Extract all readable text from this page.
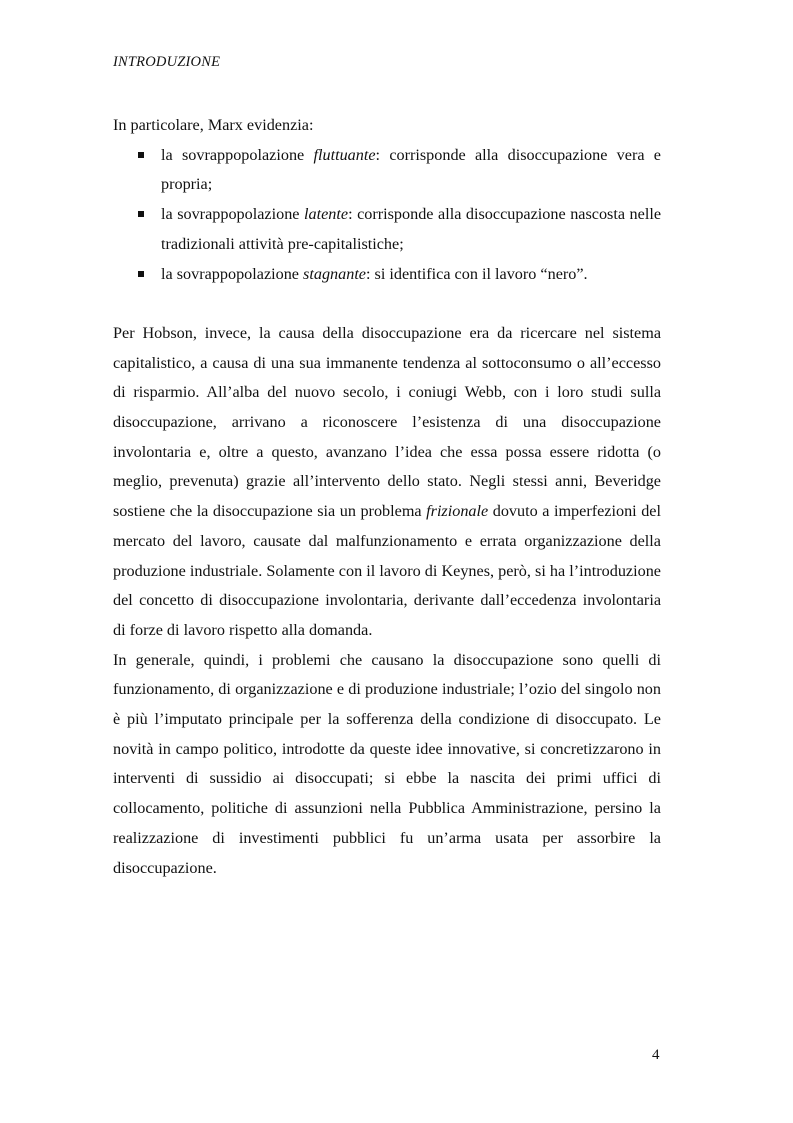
INTRODUZIONE

In particolare, Marx evidenzia:

la sovrappopolazione fluttuante: corrisponde alla disoccupazione vera e propria;
la sovrappopolazione latente: corrisponde alla disoccupazione nascosta nelle tradizionali attività pre-capitalistiche;
la sovrappopolazione stagnante: si identifica con il lavoro “nero”.

Per Hobson, invece, la causa della disoccupazione era da ricercare nel sistema capitalistico, a causa di una sua immanente tendenza al sottoconsumo o all’eccesso di risparmio. All’alba del nuovo secolo, i coniugi Webb, con i loro studi sulla disoccupazione, arrivano a riconoscere l’esistenza di una disoccupazione involontaria e, oltre a questo, avanzano l’idea che essa possa essere ridotta (o meglio, prevenuta) grazie all’intervento dello stato. Negli stessi anni, Beveridge sostiene che la disoccupazione sia un problema frizionale dovuto a imperfezioni del mercato del lavoro, causate dal malfunzionamento e errata organizzazione della produzione industriale. Solamente con il lavoro di Keynes, però, si ha l’introduzione del concetto di disoccupazione involontaria, derivante dall’eccedenza involontaria di forze di lavoro rispetto alla domanda.

In generale, quindi, i problemi che causano la disoccupazione sono quelli di funzionamento, di organizzazione e di produzione industriale; l’ozio del singolo non è più l’imputato principale per la sofferenza della condizione di disoccupato. Le novità in campo politico, introdotte da queste idee innovative, si concretizzarono in interventi di sussidio ai disoccupati; si ebbe la nascita dei primi uffici di collocamento, politiche di assunzioni nella Pubblica Amministrazione, persino la realizzazione di investimenti pubblici fu un’arma usata per assorbire la disoccupazione.

4
